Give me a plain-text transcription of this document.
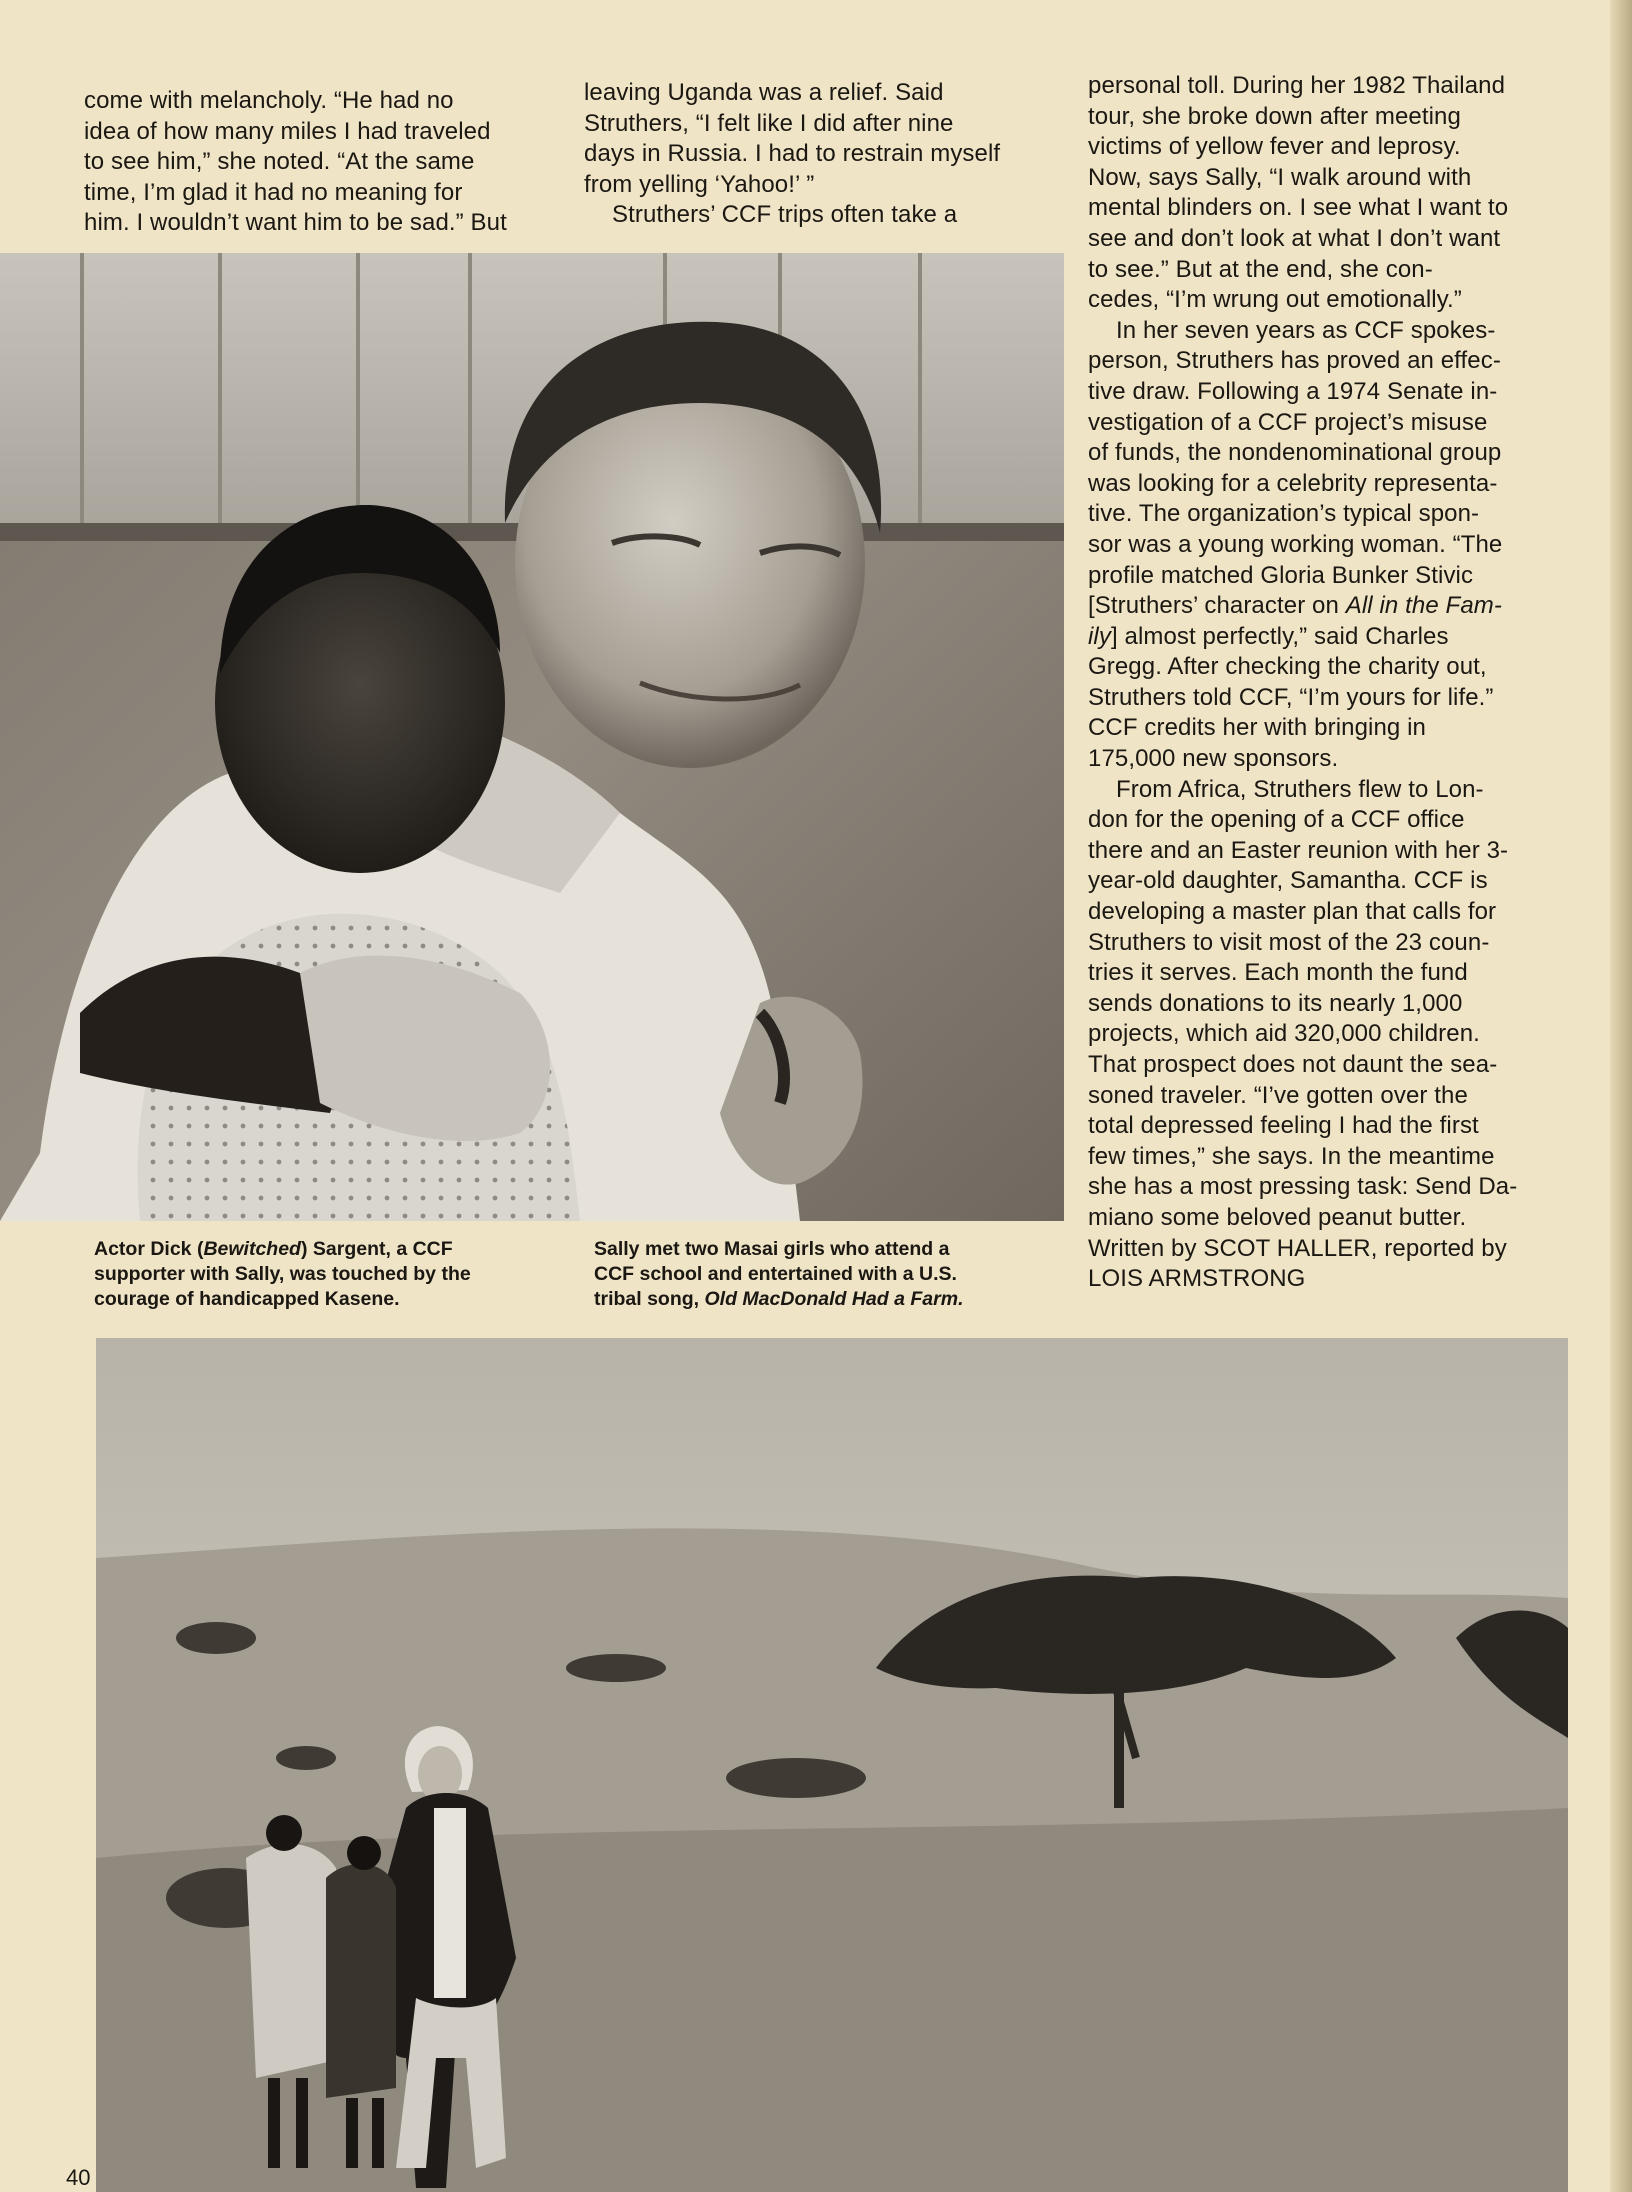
come with melancholy. “He had no

idea of how many miles I had traveled

to see him,” she noted. “At the same

time, I’m glad it had no meaning for

him. I wouldn’t want him to be sad.” But

leaving Uganda was a relief. Said

Struthers, “I felt like I did after nine

days in Russia. I had to restrain myself

from yelling ‘Yahoo!’ ”

Struthers’ CCF trips often take a

personal toll. During her 1982 Thailand

tour, she broke down after meeting

victims of yellow fever and leprosy.

Now, says Sally, “I walk around with

mental blinders on. I see what I want to

see and don’t look at what I don’t want

to see.” But at the end, she con-

cedes, “I’m wrung out emotionally.”

In her seven years as CCF spokes-

person, Struthers has proved an effec-

tive draw. Following a 1974 Senate in-

vestigation of a CCF project’s misuse

of funds, the nondenominational group

was looking for a celebrity representa-

tive. The organization’s typical spon-

sor was a young working woman. “The

profile matched Gloria Bunker Stivic

[Struthers’ character on All in the Fam-

ily] almost perfectly,” said Charles

Gregg. After checking the charity out,

Struthers told CCF, “I’m yours for life.”

CCF credits her with bringing in

175,000 new sponsors.

From Africa, Struthers flew to Lon-

don for the opening of a CCF office

there and an Easter reunion with her 3-

year-old daughter, Samantha. CCF is

developing a master plan that calls for

Struthers to visit most of the 23 coun-

tries it serves. Each month the fund

sends donations to its nearly 1,000

projects, which aid 320,000 children.

That prospect does not daunt the sea-

soned traveler. “I’ve gotten over the

total depressed feeling I had the first

few times,” she says. In the meantime

she has a most pressing task: Send Da-

miano some beloved peanut butter.

Written by SCOT HALLER, reported by

LOIS ARMSTRONG

Actor Dick (Bewitched) Sargent, a CCF

supporter with Sally, was touched by the

courage of handicapped Kasene.

Sally met two Masai girls who attend a

CCF school and entertained with a U.S.

tribal song, Old MacDonald Had a Farm.

40
